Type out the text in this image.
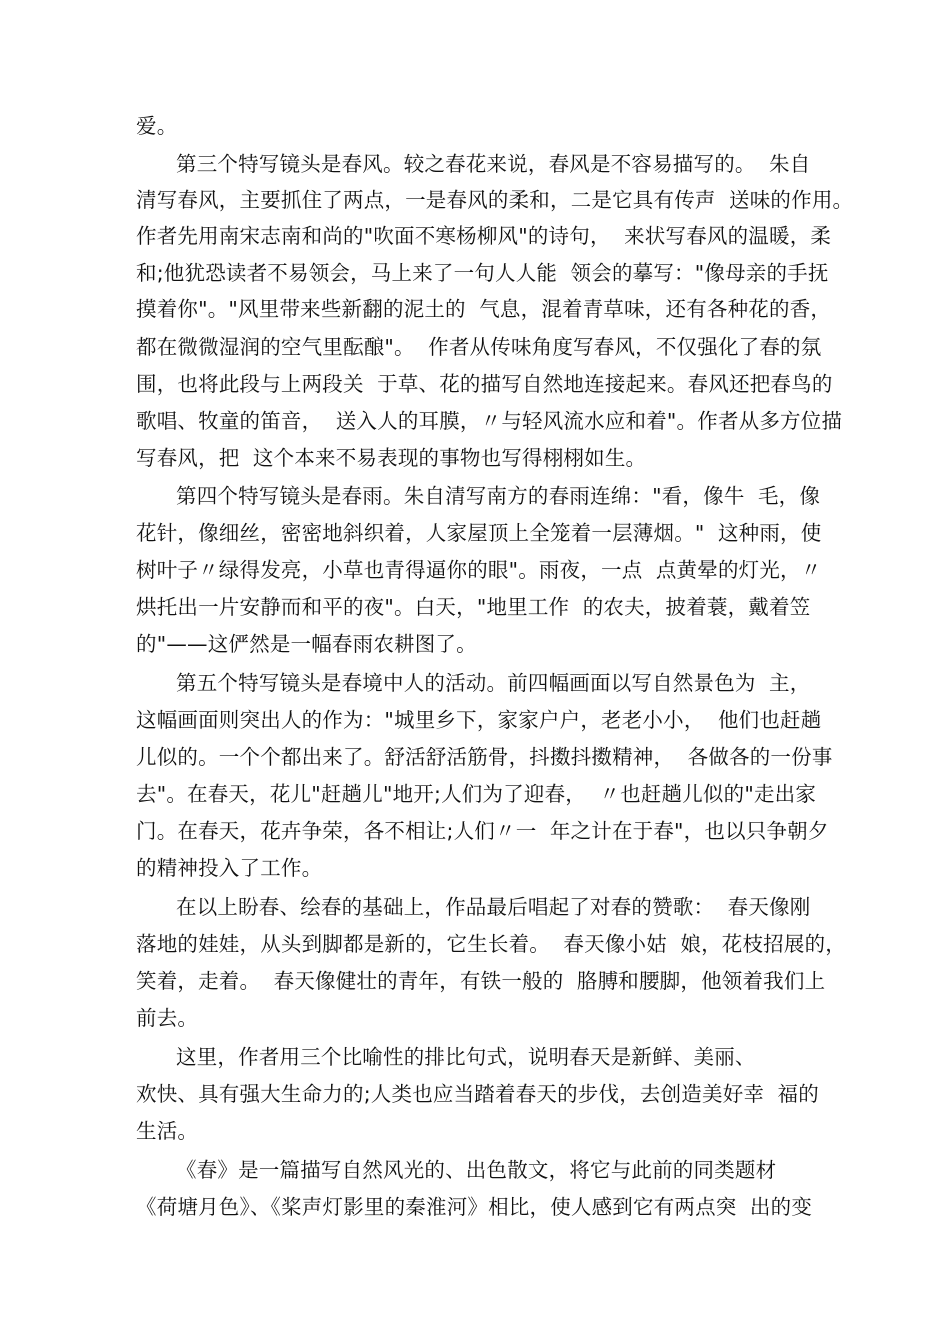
爱。
第三个特写镜头是春风。较之春花来说，春风是不容易描写的。  朱自
清写春风，主要抓住了两点，一是春风的柔和，二是它具有传声  送味的作用。
作者先用南宋志南和尚的"吹面不寒杨柳风"的诗句，  来状写春风的温暖，柔
和;他犹恐读者不易领会，马上来了一句人人能  领会的摹写："像母亲的手抚
摸着你"。"风里带来些新翻的泥土的  气息，混着青草味，还有各种花的香，
都在微微湿润的空气里酝酿"。  作者从传味角度写春风，不仅强化了春的氛
围，也将此段与上两段关  于草、花的描写自然地连接起来。春风还把春鸟的
歌唱、牧童的笛音，  送入人的耳膜，〃与轻风流水应和着"。作者从多方位描
写春风，把  这个本来不易表现的事物也写得栩栩如生。
第四个特写镜头是春雨。朱自清写南方的春雨连绵："看，像牛  毛，像
花针，像细丝，密密地斜织着，人家屋顶上全笼着一层薄烟。"  这种雨，使
树叶子〃绿得发亮，小草也青得逼你的眼"。雨夜，一点  点黄晕的灯光，〃
烘托出一片安静而和平的夜"。白天，"地里工作  的农夫，披着蓑，戴着笠
的"——这俨然是一幅春雨农耕图了。
第五个特写镜头是春境中人的活动。前四幅画面以写自然景色为  主，
这幅画面则突出人的作为："城里乡下，家家户户，老老小小，  他们也赶趟
儿似的。一个个都出来了。舒活舒活筋骨，抖擞抖擞精神，  各做各的一份事
去"。在春天，花儿"赶趟儿"地开;人们为了迎春，  〃也赶趟儿似的"走出家
门。在春天，花卉争荣，各不相让;人们〃一  年之计在于春"，也以只争朝夕
的精神投入了工作。
在以上盼春、绘春的基础上，作品最后唱起了对春的赞歌：  春天像刚
落地的娃娃，从头到脚都是新的，它生长着。  春天像小姑  娘，花枝招展的，
笑着，走着。  春天像健壮的青年，有铁一般的  胳膊和腰脚，他领着我们上
前去。
这里，作者用三个比喻性的排比句式，说明春天是新鲜、美丽、
欢快、具有强大生命力的;人类也应当踏着春天的步伐，去创造美好幸  福的
生活。
《春》是一篇描写自然风光的、出色散文，将它与此前的同类题材
《荷塘月色》、《桨声灯影里的秦淮河》相比，使人感到它有两点突  出的变
